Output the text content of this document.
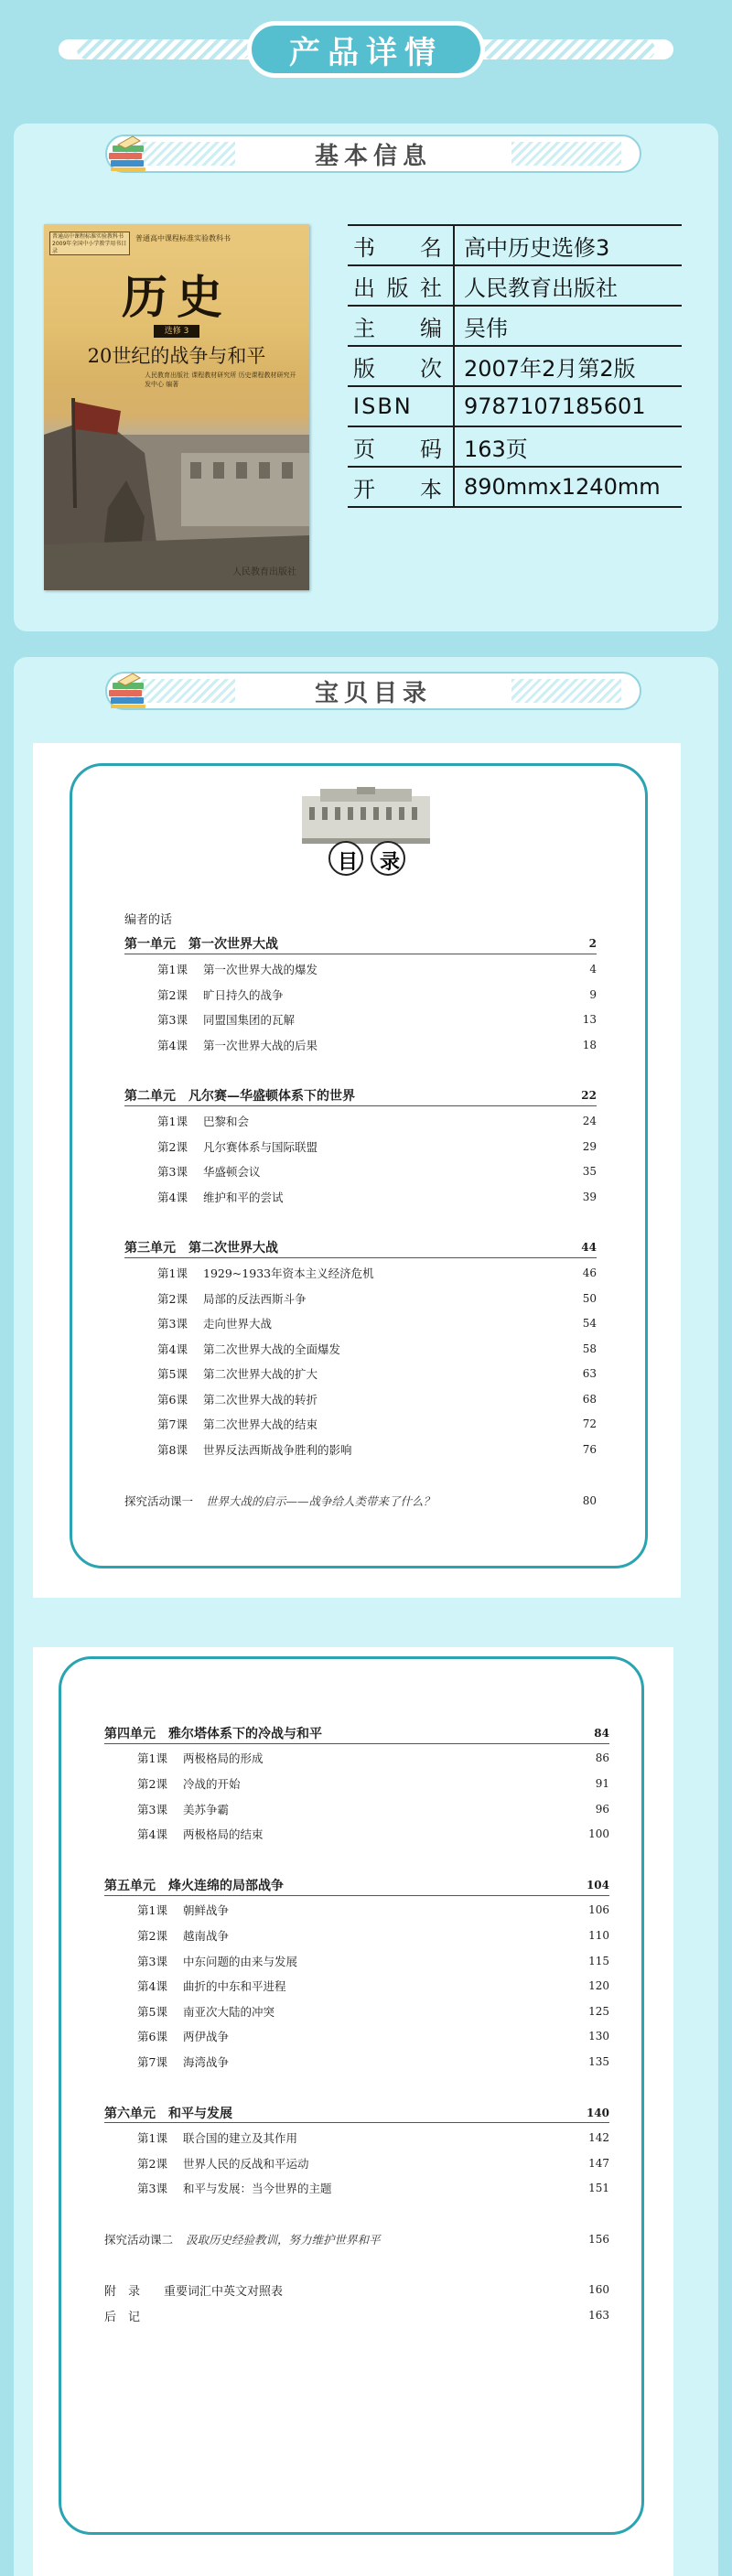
产品详情
基本信息
普通高中课程标准实验教科书 2009年全国中小学教学用书目录
普通高中课程标准实验教科书
历史
选修 3
20世纪的战争与和平
人民教育出版社 课程教材研究所 历史课程教材研究开发中心 编著
人民教育出版社
书 名	高中历史选修3
出版社	人民教育出版社
主 编	吴伟
版 次	2007年2月第2版
ISBN	9787107185601
页 码	163页
开 本	890mmx1240mm
宝贝目录
目	录
编者的话
第一单元　第一次世界大战	2
第1课	第一次世界大战的爆发	4
第2课	旷日持久的战争	9
第3课	同盟国集团的瓦解	13
第4课	第一次世界大战的后果	18
第二单元　凡尔赛—华盛顿体系下的世界	22
第1课	巴黎和会	24
第2课	凡尔赛体系与国际联盟	29
第3课	华盛顿会议	35
第4课	维护和平的尝试	39
第三单元　第二次世界大战	44
第1课	1929~1933年资本主义经济危机	46
第2课	局部的反法西斯斗争	50
第3课	走向世界大战	54
第4课	第二次世界大战的全面爆发	58
第5课	第二次世界大战的扩大	63
第6课	第二次世界大战的转折	68
第7课	第二次世界大战的结束	72
第8课	世界反法西斯战争胜利的影响	76
探究活动课一 世界大战的启示——战争给人类带来了什么？	80
第四单元　雅尔塔体系下的冷战与和平	84
第1课	两极格局的形成	86
第2课	冷战的开始	91
第3课	美苏争霸	96
第4课	两极格局的结束	100
第五单元　烽火连绵的局部战争	104
第1课	朝鲜战争	106
第2课	越南战争	110
第3课	中东问题的由来与发展	115
第4课	曲折的中东和平进程	120
第5课	南亚次大陆的冲突	125
第6课	两伊战争	130
第7课	海湾战争	135
第六单元　和平与发展	140
第1课	联合国的建立及其作用	142
第2课	世界人民的反战和平运动	147
第3课	和平与发展：当今世界的主题	151
探究活动课二 汲取历史经验教训，努力维护世界和平	156
附　录　　重要词汇中英文对照表	160
后　记	163
